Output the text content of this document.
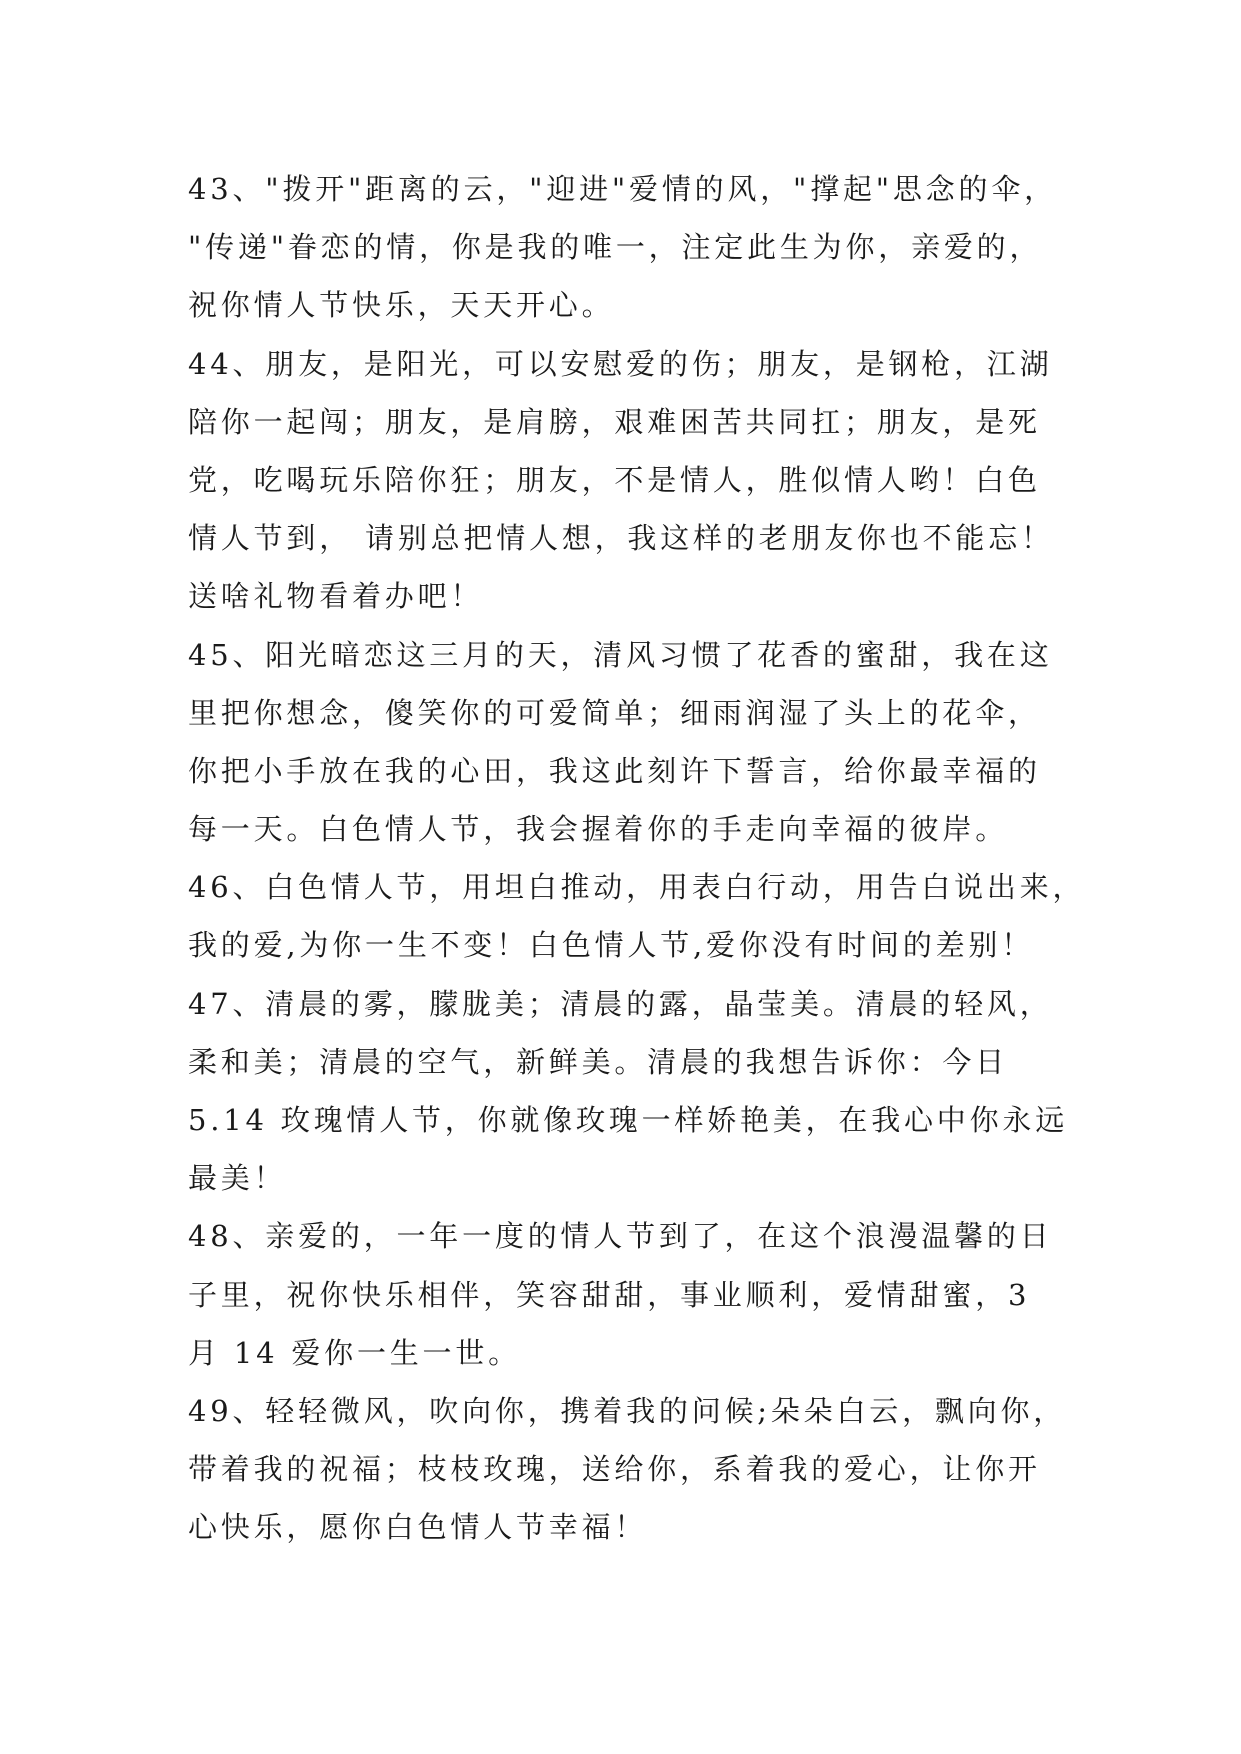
43、"拨开"距离的云，"迎进"爱情的风，"撑起"思念的伞，
"传递"眷恋的情，你是我的唯一，注定此生为你，亲爱的，
祝你情人节快乐，天天开心。
44、朋友，是阳光，可以安慰爱的伤；朋友，是钢枪，江湖
陪你一起闯；朋友，是肩膀，艰难困苦共同扛；朋友，是死
党，吃喝玩乐陪你狂；朋友，不是情人，胜似情人哟！白色
情人节到， 请别总把情人想，我这样的老朋友你也不能忘！
送啥礼物看着办吧！
45、阳光暗恋这三月的天，清风习惯了花香的蜜甜，我在这
里把你想念，傻笑你的可爱简单；细雨润湿了头上的花伞，
你把小手放在我的心田，我这此刻许下誓言，给你最幸福的
每一天。白色情人节，我会握着你的手走向幸福的彼岸。
46、白色情人节，用坦白推动，用表白行动，用告白说出来，
我的爱,为你一生不变！白色情人节,爱你没有时间的差别！
47、清晨的雾，朦胧美；清晨的露，晶莹美。清晨的轻风，
柔和美；清晨的空气，新鲜美。清晨的我想告诉你：今日
5.14 玫瑰情人节，你就像玫瑰一样娇艳美，在我心中你永远
最美！
48、亲爱的，一年一度的情人节到了，在这个浪漫温馨的日
子里，祝你快乐相伴，笑容甜甜，事业顺利，爱情甜蜜，3
月 14 爱你一生一世。
49、轻轻微风，吹向你，携着我的问候;朵朵白云，飘向你，
带着我的祝福；枝枝玫瑰，送给你，系着我的爱心，让你开
心快乐，愿你白色情人节幸福！
